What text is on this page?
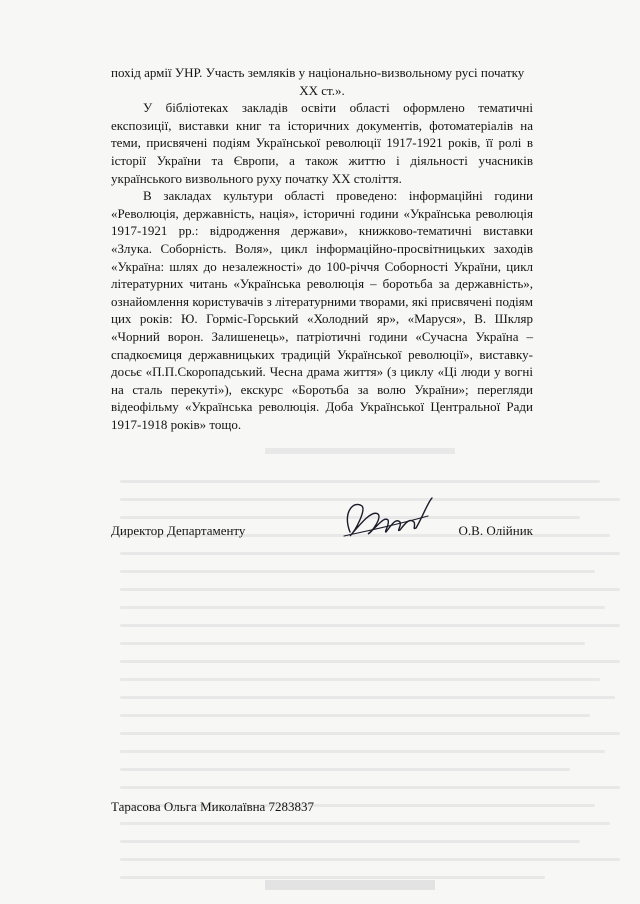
похід армії УНР. Участь земляків у національно-визвольному русі початку

XX ст.».

У бібліотеках закладів освіти області оформлено тематичні експозиції, виставки книг та історичних документів, фотоматеріалів на теми, присвячені подіям Української революції 1917-1921 років, її ролі в історії України та Європи, а також життю і діяльності учасників українського визвольного руху початку XX століття.

В закладах культури області проведено: інформаційні години «Революція, державність, нація», історичні години «Українська революція 1917-1921 рр.: відродження держави», книжково-тематичні виставки «Злука. Соборність. Воля», цикл інформаційно-просвітницьких заходів «Україна: шлях до незалежності» до 100-річчя Соборності України, цикл літературних читань «Українська революція – боротьба за державність», ознайомлення користувачів з літературними творами, які присвячені подіям цих років: Ю. Горміс-Горський «Холодний яр», «Маруся», В. Шкляр «Чорний ворон. Залишенець», патріотичні години «Сучасна Україна – спадкоємиця державницьких традицій Української революції», виставку-досьє «П.П.Скоропадський. Чесна драма життя» (з циклу «Ці люди у вогні на сталь перекуті»), екскурс «Боротьба за волю України»; перегляди відеофільму «Українська революція. Доба Української Центральної Ради 1917-1918 років» тощо.

Директор Департаменту	О.В. Олійник
Тарасова Ольга Миколаївна 7283837
